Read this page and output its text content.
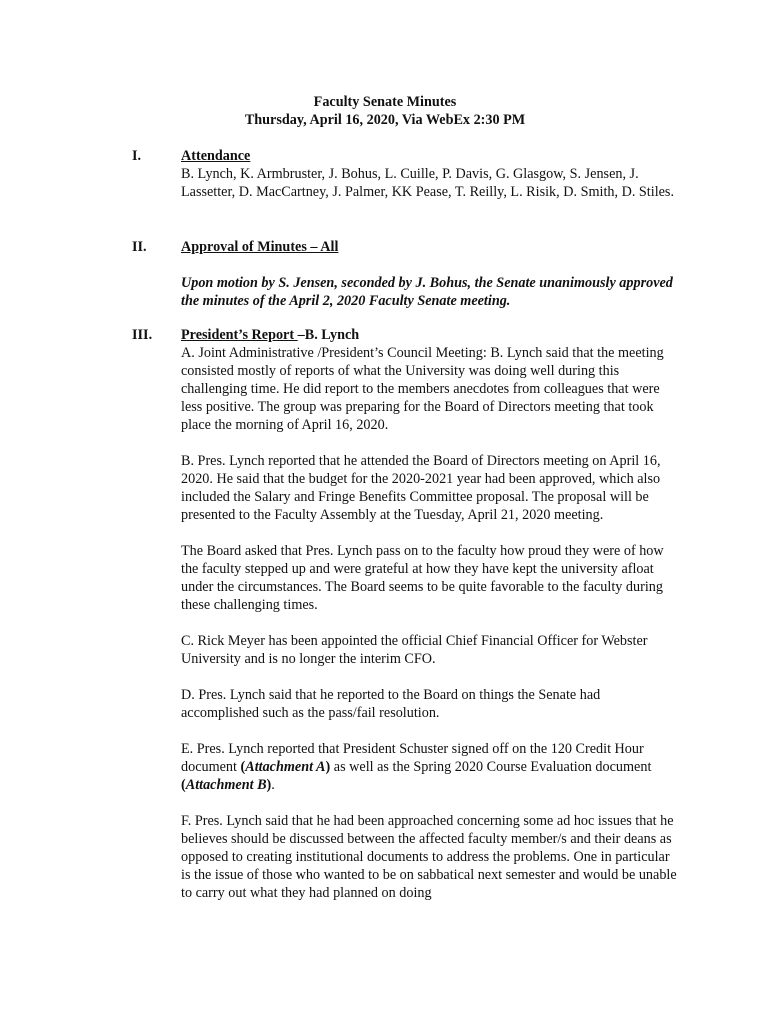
Faculty Senate Minutes
Thursday, April 16, 2020, Via WebEx 2:30 PM
I.	Attendance

B. Lynch, K. Armbruster, J. Bohus, L. Cuille, P. Davis, G. Glasgow, S. Jensen, J. Lassetter, D. MacCartney, J. Palmer, KK Pease, T. Reilly, L. Risik, D. Smith, D. Stiles.

II.	Approval of Minutes – All

Upon motion by S. Jensen, seconded by J. Bohus, the Senate unanimously approved the minutes of the April 2, 2020 Faculty Senate meeting.

III.	President’s Report –B. Lynch

A. Joint Administrative /President’s Council Meeting: B. Lynch said that the meeting consisted mostly of reports of what the University was doing well during this challenging time. He did report to the members anecdotes from colleagues that were less positive. The group was preparing for the Board of Directors meeting that took place the morning of April 16, 2020.

B. Pres. Lynch reported that he attended the Board of Directors meeting on April 16, 2020. He said that the budget for the 2020-2021 year had been approved, which also included the Salary and Fringe Benefits Committee proposal. The proposal will be presented to the Faculty Assembly at the Tuesday, April 21, 2020 meeting.

The Board asked that Pres. Lynch pass on to the faculty how proud they were of how the faculty stepped up and were grateful at how they have kept the university afloat under the circumstances. The Board seems to be quite favorable to the faculty during these challenging times.

C. Rick Meyer has been appointed the official Chief Financial Officer for Webster University and is no longer the interim CFO.

D. Pres. Lynch said that he reported to the Board on things the Senate had accomplished such as the pass/fail resolution.

E. Pres. Lynch reported that President Schuster signed off on the 120 Credit Hour document (Attachment A) as well as the Spring 2020 Course Evaluation document (Attachment B).

F. Pres. Lynch said that he had been approached concerning some ad hoc issues that he believes should be discussed between the affected faculty member/s and their deans as opposed to creating institutional documents to address the problems. One in particular is the issue of those who wanted to be on sabbatical next semester and would be unable to carry out what they had planned on doing
